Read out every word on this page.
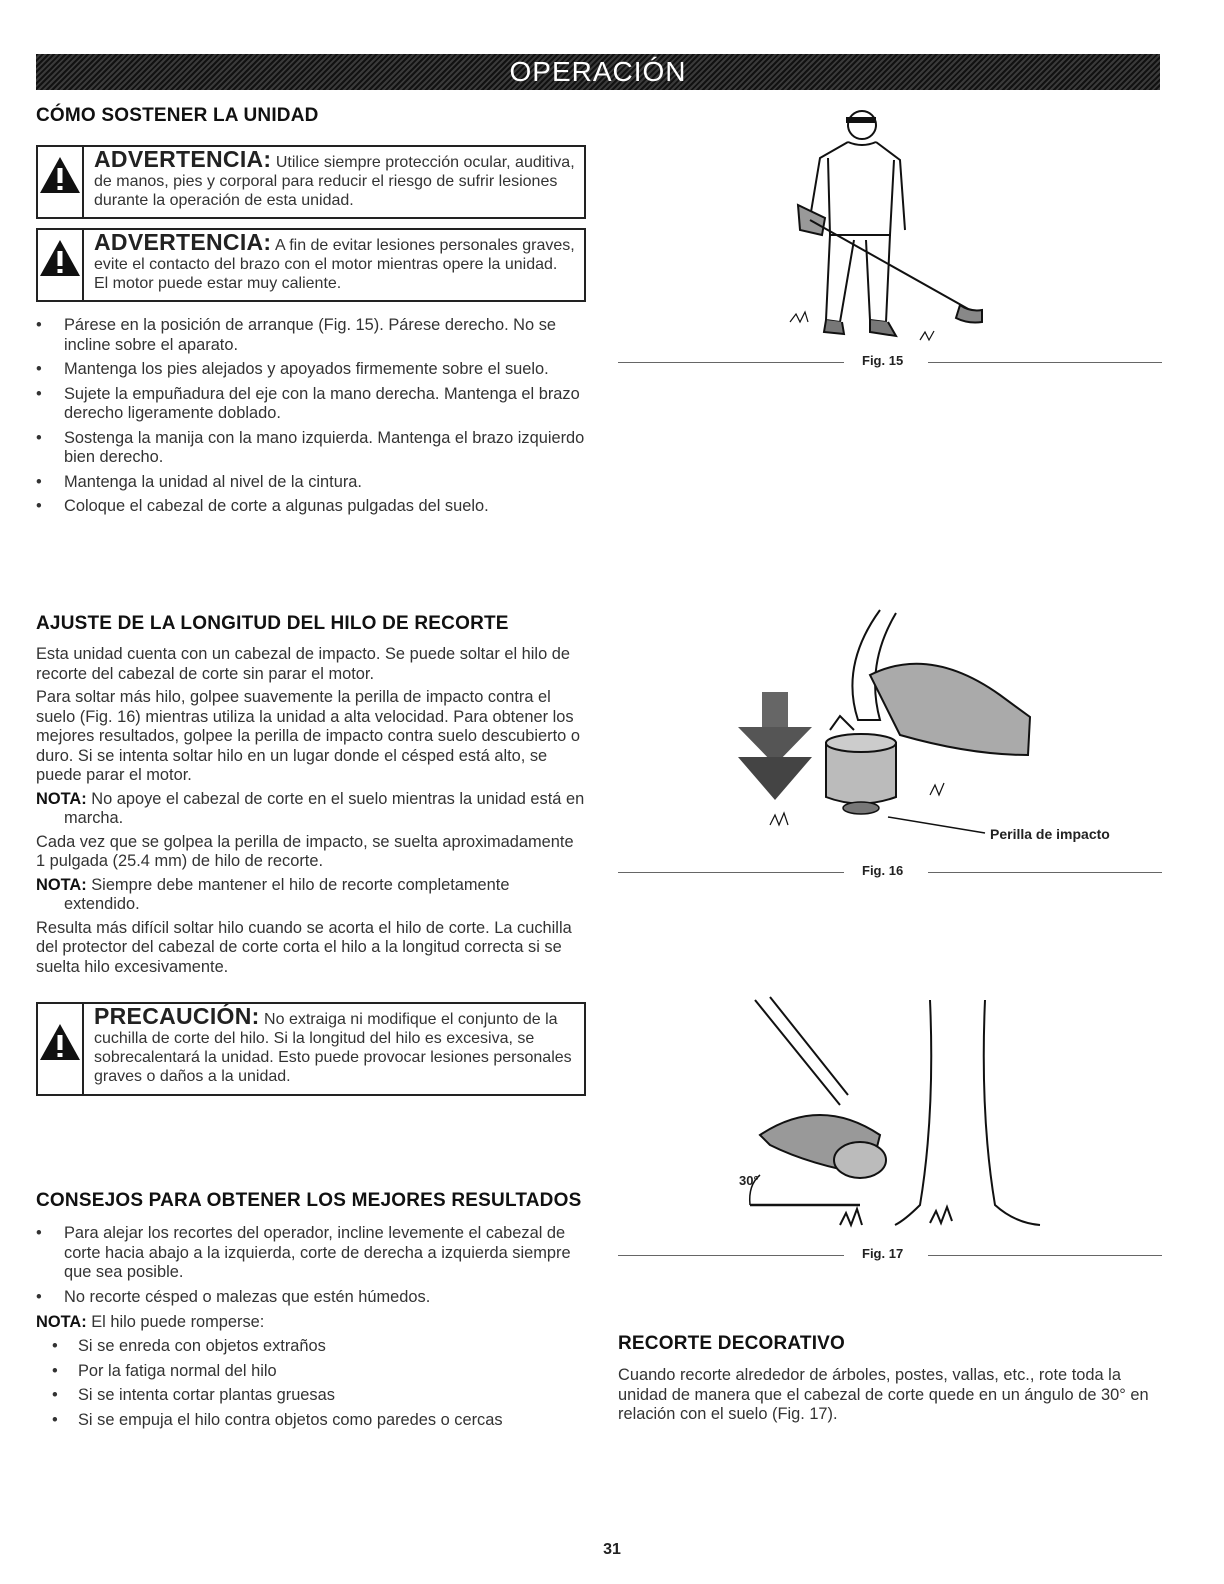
OPERACIÓN
CÓMO SOSTENER LA UNIDAD
ADVERTENCIA: Utilice siempre protección ocular, auditiva, de manos, pies y corporal para reducir el riesgo de sufrir lesiones durante la operación de esta unidad.
ADVERTENCIA: A fin de evitar lesiones personales graves, evite el contacto del brazo con el motor mientras opere la unidad. El motor puede estar muy caliente.
• Párese en la posición de arranque (Fig. 15). Párese derecho. No se incline sobre el aparato.
• Mantenga los pies alejados y apoyados firmemente sobre el suelo.
• Sujete la empuñadura del eje con la mano derecha. Mantenga el brazo derecho ligeramente doblado.
• Sostenga la manija con la mano izquierda. Mantenga el brazo izquierdo bien derecho.
• Mantenga la unidad al nivel de la cintura.
• Coloque el cabezal de corte a algunas pulgadas del suelo.
Fig. 15
AJUSTE DE LA LONGITUD DEL HILO DE RECORTE

Esta unidad cuenta con un cabezal de impacto. Se puede soltar el hilo de recorte del cabezal de corte sin parar el motor.

Para soltar más hilo, golpee suavemente la perilla de impacto contra el suelo (Fig. 16) mientras utiliza la unidad a alta velocidad. Para obtener los mejores resultados, golpee la perilla de impacto contra suelo descubierto o duro. Si se intenta soltar hilo en un lugar donde el césped está alto, se puede parar el motor.

NOTA: No apoye el cabezal de corte en el suelo mientras la unidad está en marcha.

Cada vez que se golpea la perilla de impacto, se suelta aproximadamente 1 pulgada (25.4 mm) de hilo de recorte.

NOTA: Siempre debe mantener el hilo de recorte completamente extendido.

Resulta más difícil soltar hilo cuando se acorta el hilo de corte. La cuchilla del protector del cabezal de corte corta el hilo a la longitud correcta si se suelta hilo excesivamente.

PRECAUCIÓN: No extraiga ni modifique el conjunto de la cuchilla de corte del hilo. Si la longitud del hilo es excesiva, se sobrecalentará la unidad. Esto puede provocar lesiones personales graves o daños a la unidad.
Perilla de impacto
Fig. 16
CONSEJOS PARA OBTENER LOS MEJORES RESULTADOS
• Para alejar los recortes del operador, incline levemente el cabezal de corte hacia abajo a la izquierda, corte de derecha a izquierda siempre que sea posible.
• No recorte césped o malezas que estén húmedos.
NOTA: El hilo puede romperse:
• Si se enreda con objetos extraños
• Por la fatiga normal del hilo
• Si se intenta cortar plantas gruesas
• Si se empuja el hilo contra objetos como paredes o cercas
30°
Fig. 17
RECORTE DECORATIVO
Cuando recorte alrededor de árboles, postes, vallas, etc., rote toda la unidad de manera que el cabezal de corte quede en un ángulo de 30° en relación con el suelo (Fig. 17).
31
